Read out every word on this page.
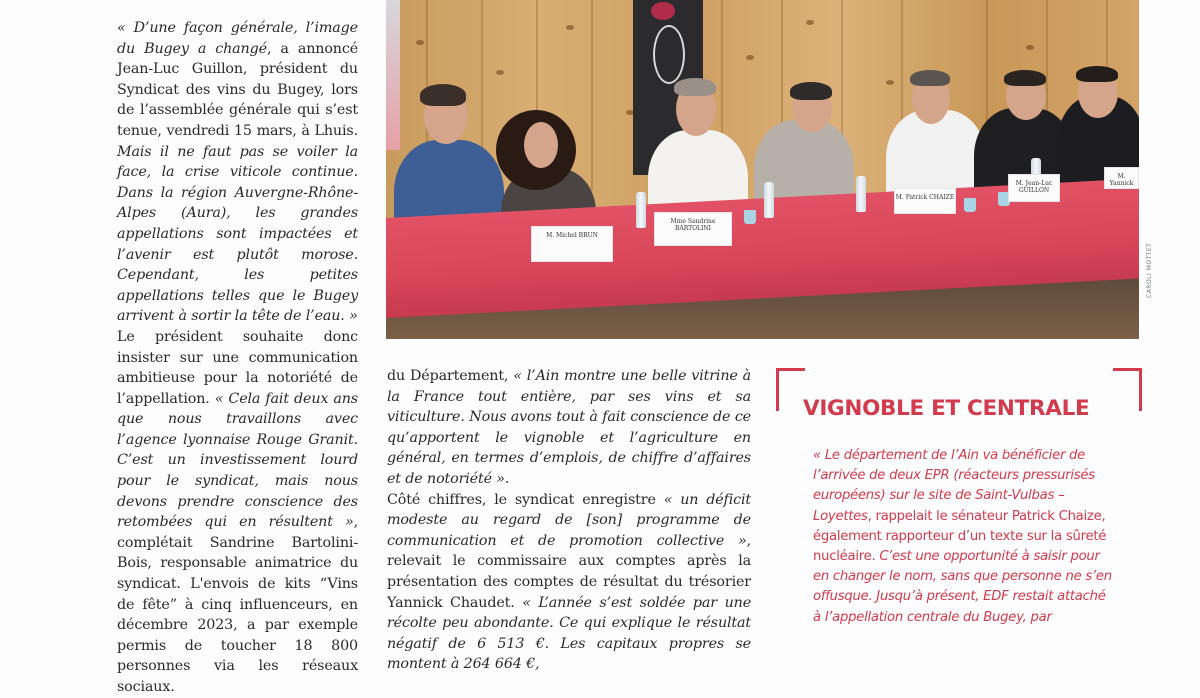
« D’une façon générale, l’image du Bugey a changé, a annoncé Jean-Luc Guillon, président du Syndicat des vins du Bugey, lors de l’assemblée générale qui s’est tenue, vendredi 15 mars, à Lhuis. Mais il ne faut pas se voiler la face, la crise viticole continue. Dans la région Auvergne-Rhône-Alpes (Aura), les grandes appellations sont impactées et l’avenir est plutôt morose. Cependant, les petites appellations telles que le Bugey arrivent à sortir la tête de l’eau. »

Le président souhaite donc insister sur une communication ambitieuse pour la notoriété de l’appellation. « Cela fait deux ans que nous travaillons avec l’agence lyonnaise Rouge Granit. C’est un investissement lourd pour le syndicat, mais nous devons prendre conscience des retombées qui en résultent », complétait Sandrine Bartolini-Bois, responsable animatrice du syndicat. L'envois de kits “Vins de fête” à cinq influenceurs, en décembre 2023, a par exemple permis de toucher 18 800 personnes via les réseaux sociaux.

M. Michel BRUN
Mme Sandrine BARTOLINI
M. Patrick CHAIZE
M. Jean-Luc GUILLON
M. Yannick
CAROLI MOTTET

du Département, « l’Ain montre une belle vitrine à la France tout entière, par ses vins et sa viticulture. Nous avons tout à fait conscience de ce qu’apportent le vignoble et l’agriculture en général, en termes d’emplois, de chiffre d’affaires et de notoriété ».

Côté chiffres, le syndicat enregistre « un déficit modeste au regard de [son] programme de communication et de promotion collective », relevait le commissaire aux comptes après la présentation des comptes de résultat du trésorier Yannick Chaudet. « L’année s’est soldée par une récolte peu abondante. Ce qui explique le résultat négatif de 6 513 €. Les capitaux propres se montent à 264 664 €,

VIGNOBLE ET CENTRALE

« Le département de l’Ain va bénéficier de l’arrivée de deux EPR (réacteurs pressurisés européens) sur le site de Saint-Vulbas – Loyettes, rappelait le sénateur Patrick Chaize, également rapporteur d’un texte sur la sûreté nucléaire. C’est une opportunité à saisir pour en changer le nom, sans que personne ne s’en offusque. Jusqu’à présent, EDF restait attaché à l’appellation centrale du Bugey, par
